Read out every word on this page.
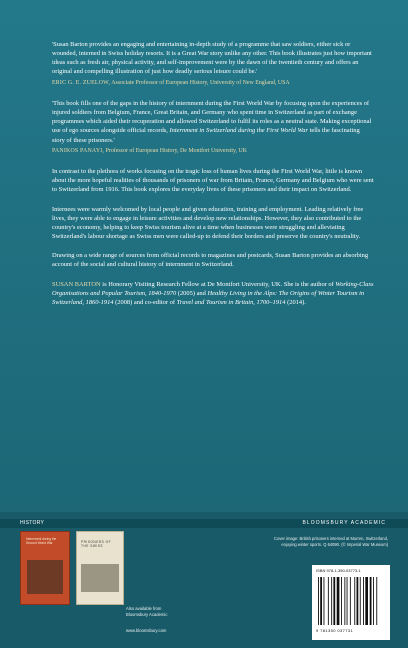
'Susan Barton provides an engaging and entertaining in-depth study of a programme that saw soldiers, either sick or wounded, interned in Swiss holiday resorts. It is a Great War story unlike any other. This book illustrates just how important ideas such as fresh air, physical activity, and self-improvement were by the dawn of the twentieth century and offers an original and compelling illustration of just how deadly serious leisure could be.'

ERIC G. E. ZUELOW, Associate Professor of European History, University of New England, USA

'This book fills one of the gaps in the history of internment during the First World War by focusing upon the experiences of injured soldiers from Belgium, France, Great Britain, and Germany who spent time in Switzerland as part of exchange programmes which aided their recuperation and allowed Switzerland to fulfil its roles as a neutral state. Making exceptional use of ego sources alongside official records, Internment in Switzerland during the First World War tells the fascinating story of these prisoners.'

PANIKOS PANAYI, Professor of European History, De Montfort University, UK

In contrast to the plethora of works focusing on the tragic loss of human lives during the First World War, little is known about the more hopeful realities of thousands of prisoners of war from Britain, France, Germany and Belgium who were sent to Switzerland from 1916. This book explores the everyday lives of these prisoners and their impact on Switzerland.

Internees were warmly welcomed by local people and given education, training and employment. Leading relatively free lives, they were able to engage in leisure activities and develop new relationships. However, they also contributed to the country's economy, helping to keep Swiss tourism alive at a time when businesses were struggling and alleviating Switzerland's labour shortage as Swiss men were called-up to defend their borders and preserve the country's neutrality.

Drawing on a wide range of sources from official records to magazines and postcards, Susan Barton provides an absorbing account of the social and cultural history of internment in Switzerland.

SUSAN BARTON is Honorary Visiting Research Fellow at De Montfort University, UK. She is the author of Working-Class Organisations and Popular Tourism, 1840-1970 (2005) and Healthy Living in the Alps: The Origins of Winter Tourism in Switzerland, 1860-1914 (2008) and co-editor of Travel and Tourism in Britain, 1700–1914 (2014).

HISTORY	BLOOMSBURY ACADEMIC
Internment during the Second World War	PRISONERS OF THE SWISS
Also available from
Bloomsbury Academic
www.bloomsbury.com
Cover image: British prisoners interned at Murren, Switzerland,
enjoying winter sports. Q 64090. (© Imperial War Museum)
ISBN 978-1-350-03773-1
9 781350 037731
